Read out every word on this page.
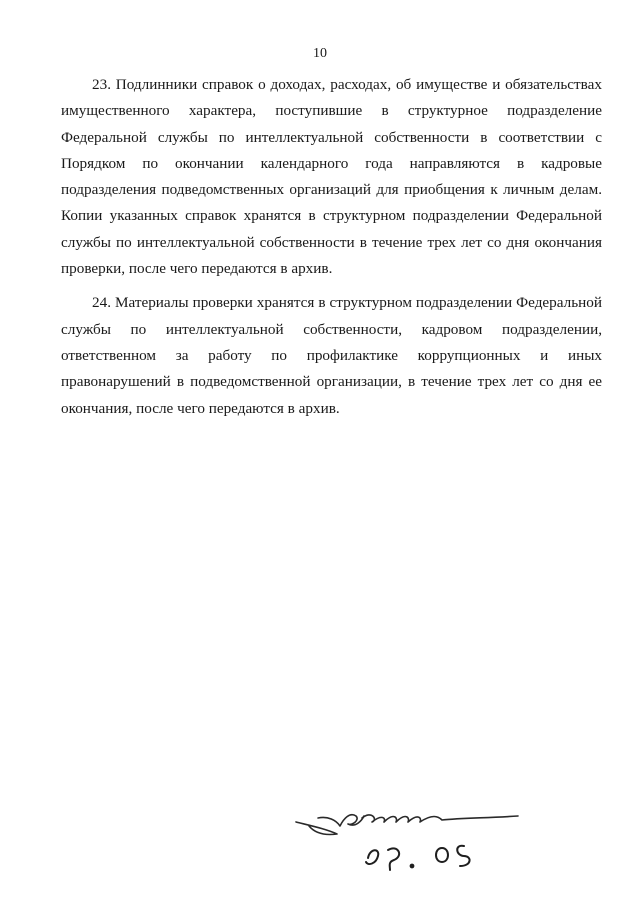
10

23. Подлинники справок о доходах, расходах, об имуществе и обязательствах имущественного характера, поступившие в структурное подразделение Федеральной службы по интеллектуальной собственности в соответствии с Порядком по окончании календарного года направляются в кадровые подразделения подведомственных организаций для приобщения к личным делам. Копии указанных справок хранятся в структурном подразделении Федеральной службы по интеллектуальной собственности в течение трех лет со дня окончания проверки, после чего передаются в архив.

24. Материалы проверки хранятся в структурном подразделении Федеральной службы по интеллектуальной собственности, кадровом подразделении, ответственном за работу по профилактике коррупционных и иных правонарушений в подведомственной организации, в течение трех лет со дня ее окончания, после чего передаются в архив.
